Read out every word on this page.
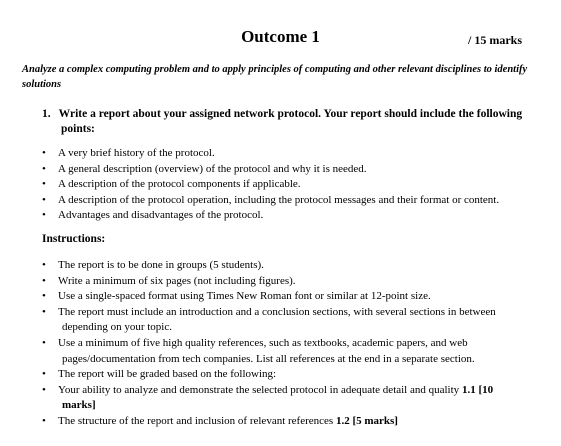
Outcome 1	/ 15 marks

Analyze a complex computing problem and to apply principles of computing and other relevant disciplines to identify solutions

1. Write a report about your assigned network protocol. Your report should include the following
points:
• A very brief history of the protocol.
• A general description (overview) of the protocol and why it is needed.
• A description of the protocol components if applicable.
• A description of the protocol operation, including the protocol messages and their format or content.
• Advantages and disadvantages of the protocol.

Instructions:

• The report is to be done in groups (5 students).
• Write a minimum of six pages (not including figures).
• Use a single-spaced format using Times New Roman font or similar at 12-point size.
• The report must include an introduction and a conclusion sections, with several sections in between
depending on your topic.
• Use a minimum of five high quality references, such as textbooks, academic papers, and web
pages/documentation from tech companies. List all references at the end in a separate section.
• The report will be graded based on the following:
• Your ability to analyze and demonstrate the selected protocol in adequate detail and quality 1.1 [10
marks]
• The structure of the report and inclusion of relevant references 1.2 [5 marks]
